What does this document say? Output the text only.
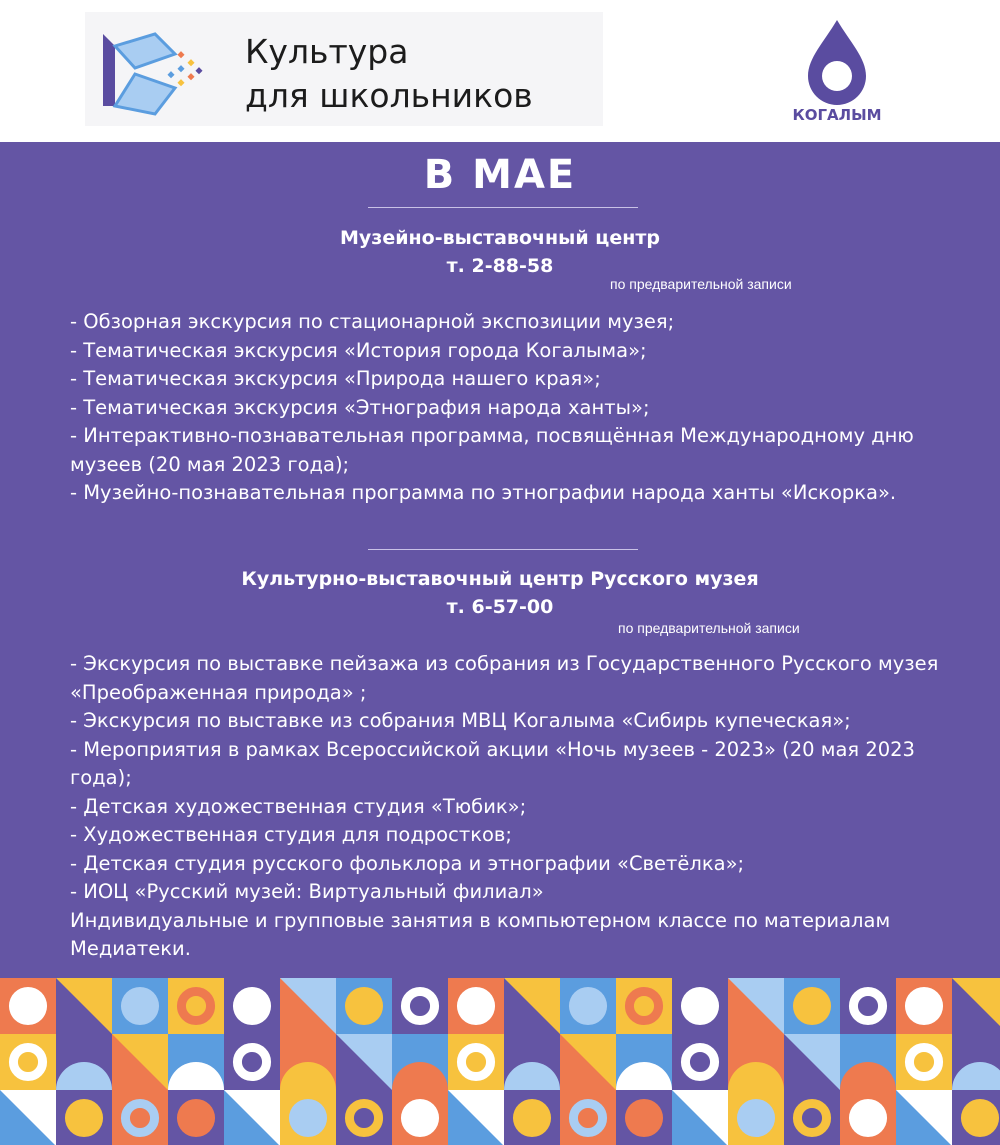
Культура
для школьников	КОГАЛЫМ
В МАЕ
Музейно-выставочный центр
т. 2-88-58
по предварительной записи
- Обзорная экскурсия по стационарной экспозиции музея;
- Тематическая экскурсия «История города Когалыма»;
- Тематическая экскурсия «Природа нашего края»;
- Тематическая экскурсия «Этнография народа ханты»;
- Интерактивно-познавательная программа, посвящённая Международному дню музеев (20 мая 2023 года);
- Музейно-познавательная программа по этнографии народа ханты «Искорка».
Культурно-выставочный центр Русского музея
т. 6-57-00
по предварительной записи
- Экскурсия по выставке пейзажа из собрания из Государственного Русского музея «Преображенная природа» ;
- Экскурсия по выставке из собрания МВЦ Когалыма «Сибирь купеческая»;
- Мероприятия в рамках Всероссийской акции «Ночь музеев - 2023» (20 мая 2023 года);
- Детская художественная студия «Тюбик»;
- Художественная студия для подростков;
- Детская студия русского фольклора и этнографии «Светёлка»;
- ИОЦ «Русский музей: Виртуальный филиал»
Индивидуальные и групповые занятия в компьютерном классе по материалам Медиатеки.
